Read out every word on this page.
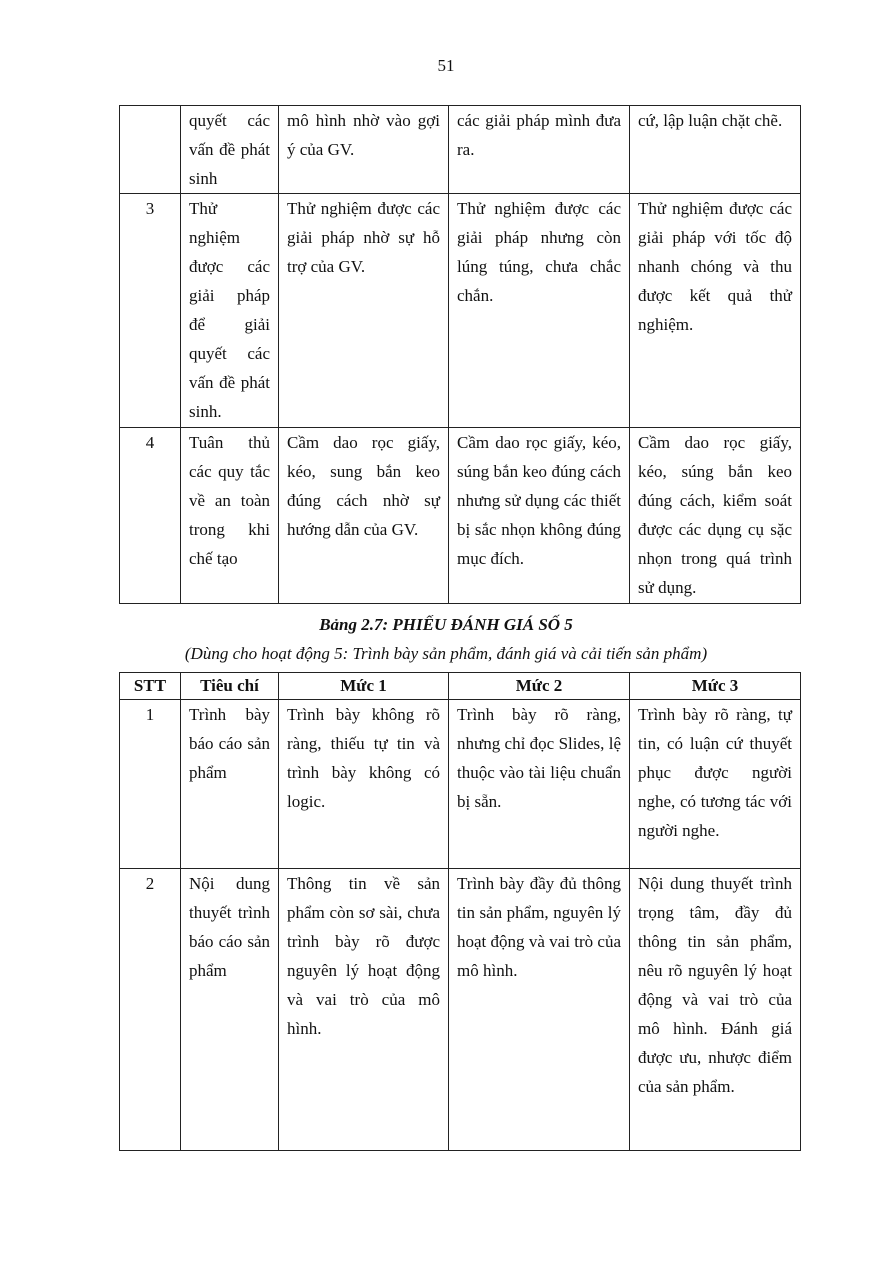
51
	quyết các vấn đề phát sinh	mô hình nhờ vào gợi ý của GV.	các giải pháp mình đưa ra.	cứ, lập luận chặt chẽ.
3	Thử nghiệm được các giải pháp để giải quyết các vấn đề phát sinh.	Thử nghiệm được các giải pháp nhờ sự hỗ trợ của GV.	Thử nghiệm được các giải pháp nhưng còn lúng túng, chưa chắc chắn.	Thử nghiệm được các giải pháp với tốc độ nhanh chóng và thu được kết quả thử nghiệm.
4	Tuân thủ các quy tắc về an toàn trong khi chế tạo	Cầm dao rọc giấy, kéo, sung bắn keo đúng cách nhờ sự hướng dẫn của GV.	Cầm dao rọc giấy, kéo, súng bắn keo đúng cách nhưng sử dụng các thiết bị sắc nhọn không đúng mục đích.	Cầm dao rọc giấy, kéo, súng bắn keo đúng cách, kiểm soát được các dụng cụ sặc nhọn trong quá trình sử dụng.
Bảng 2.7: PHIẾU ĐÁNH GIÁ SỐ 5
(Dùng cho hoạt động 5: Trình bày sản phẩm, đánh giá và cải tiến sản phẩm)
STT	Tiêu chí	Mức 1	Mức 2	Mức 3
1	Trình bày báo cáo sản phẩm	Trình bày không rõ ràng, thiếu tự tin và trình bày không có logic.	Trình bày rõ ràng, nhưng chỉ đọc Slides, lệ thuộc vào tài liệu chuẩn bị sẵn.	Trình bày rõ ràng, tự tin, có luận cứ thuyết phục được người nghe, có tương tác với người nghe.
2	Nội dung thuyết trình báo cáo sản phẩm	Thông tin về sản phẩm còn sơ sài, chưa trình bày rõ được nguyên lý hoạt động và vai trò của mô hình.	Trình bày đầy đủ thông tin sản phẩm, nguyên lý hoạt động và vai trò của mô hình.	Nội dung thuyết trình trọng tâm, đầy đủ thông tin sản phẩm, nêu rõ nguyên lý hoạt động và vai trò của mô hình. Đánh giá được ưu, nhược điểm của sản phẩm.
